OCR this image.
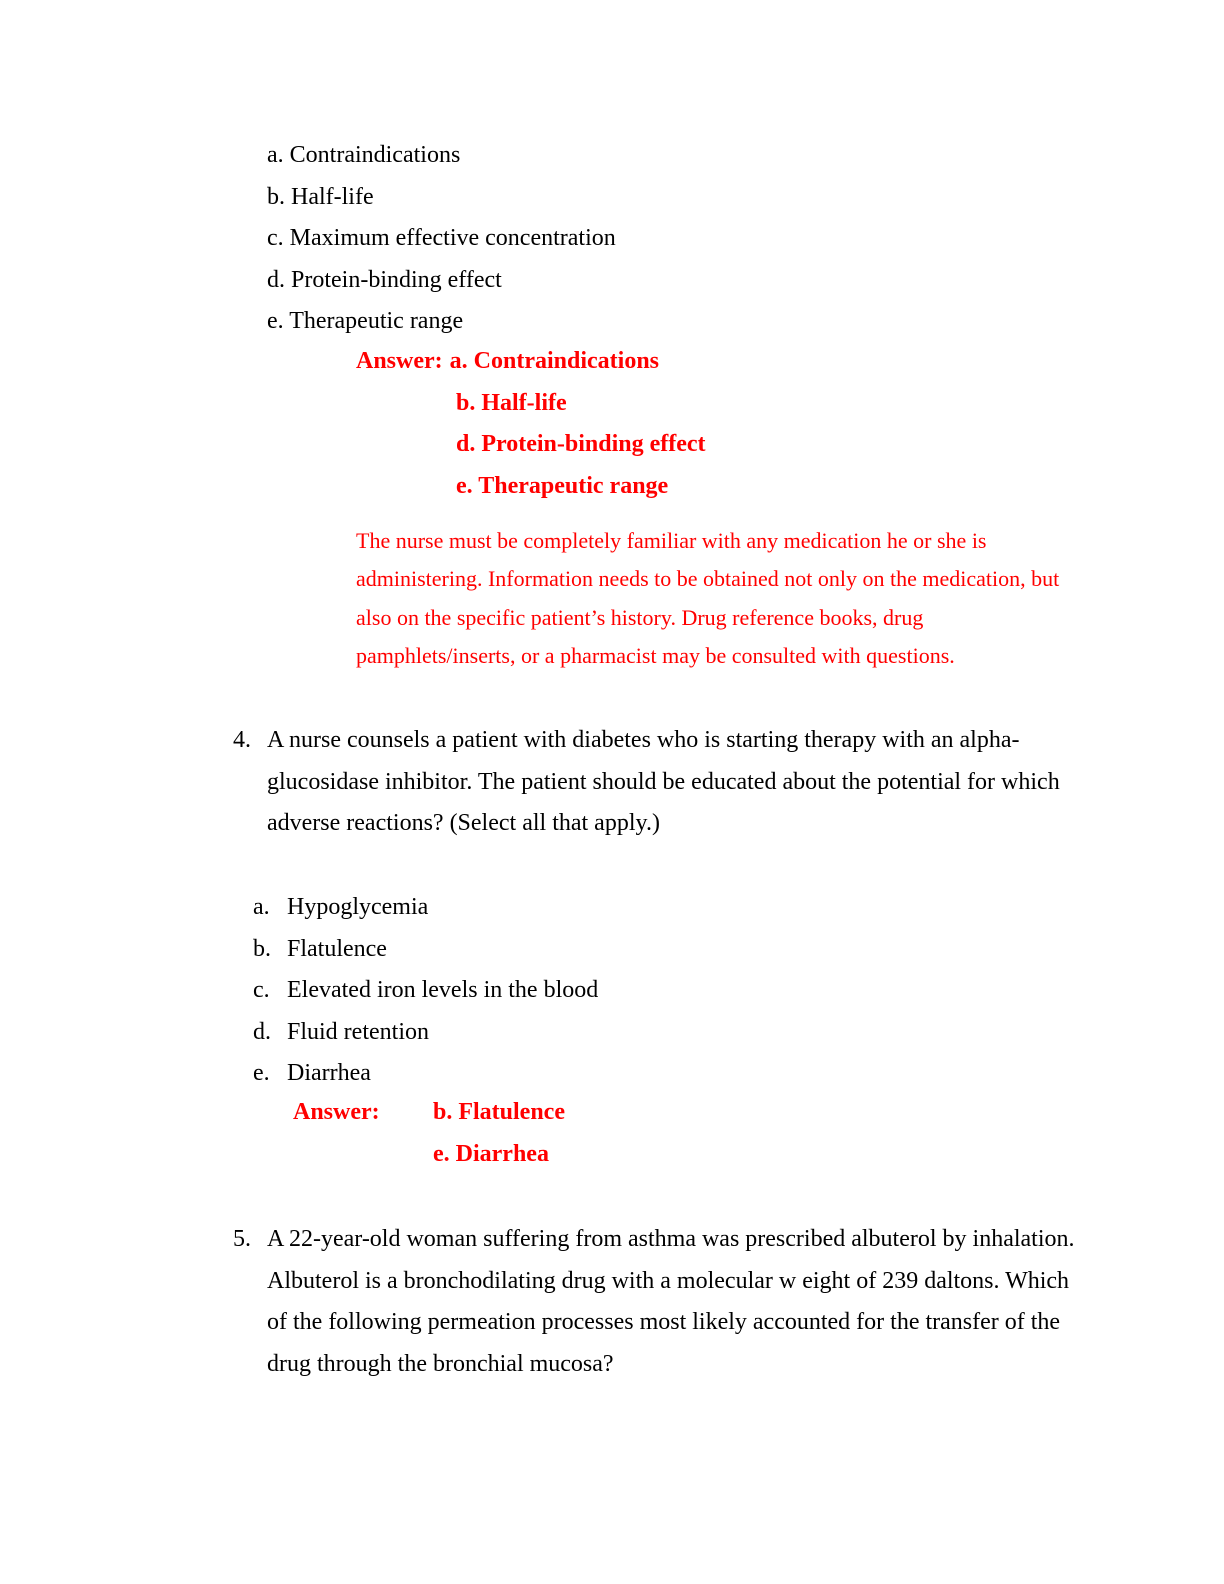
a. Contraindications
b. Half-life
c. Maximum effective concentration
d. Protein-binding effect
e. Therapeutic range
Answer: a. Contraindications
b. Half-life
d. Protein-binding effect
e. Therapeutic range
The nurse must be completely familiar with any medication he or she is
administering. Information needs to be obtained not only on the medication, but
also on the specific patient’s history. Drug reference books, drug
pamphlets/inserts, or a pharmacist may be consulted with questions.
4. A nurse counsels a patient with diabetes who is starting therapy with an alpha-
glucosidase inhibitor. The patient should be educated about the potential for which
adverse reactions? (Select all that apply.)
a. Hypoglycemia
b. Flatulence
c. Elevated iron levels in the blood
d. Fluid retention
e. Diarrhea
Answer: b. Flatulence
e. Diarrhea
5. A 22-year-old woman suffering from asthma was prescribed albuterol by inhalation.
Albuterol is a bronchodilating drug with a molecular w eight of 239 daltons. Which
of the following permeation processes most likely accounted for the transfer of the
drug through the bronchial mucosa?
